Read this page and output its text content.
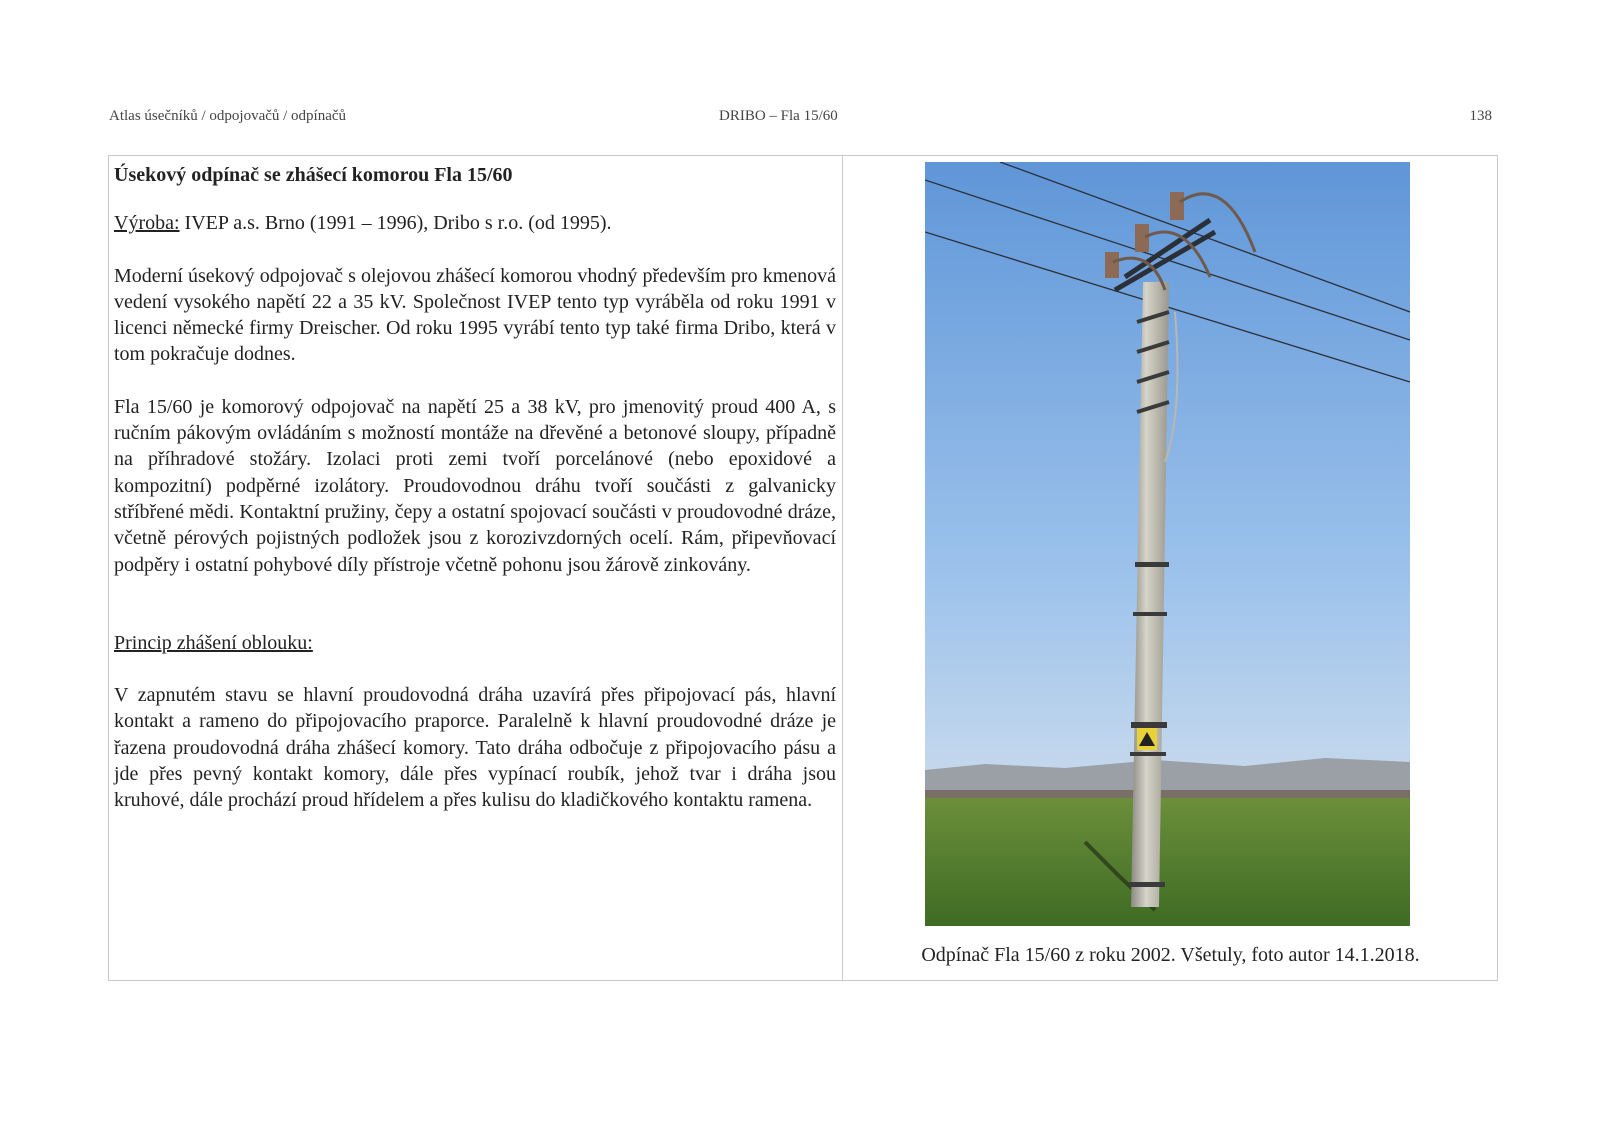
Atlas úsečníků / odpojovačů / odpínačů	DRIBO – Fla 15/60	138

Úsekový odpínač se zhášecí komorou Fla 15/60

Výroba: IVEP a.s. Brno (1991 – 1996), Dribo s r.o. (od 1995).

Moderní úsekový odpojovač s olejovou zhášecí komorou vhodný především pro kmenová vedení vysokého napětí 22 a 35 kV. Společnost IVEP tento typ vyráběla od roku 1991 v licenci německé firmy Dreischer. Od roku 1995 vyrábí tento typ také firma Dribo, která v tom pokračuje dodnes.

Fla 15/60 je komorový odpojovač na napětí 25 a 38 kV, pro jmenovitý proud 400 A, s ručním pákovým ovládáním s možností montáže na dřevěné a betonové sloupy, případně na příhradové stožáry. Izolaci proti zemi tvoří porcelánové (nebo epoxidové a kompozitní) podpěrné izolátory. Proudovodnou dráhu tvoří součásti z galvanicky stříbřené mědi. Kontaktní pružiny, čepy a ostatní spojovací součásti v proudovodné dráze, včetně pérových pojistných podložek jsou z korozivzdorných ocelí. Rám, připevňovací podpěry i ostatní pohybové díly přístroje včetně pohonu jsou žárově zinkovány.

Princip zhášení oblouku:

V zapnutém stavu se hlavní proudovodná dráha uzavírá přes připojovací pás, hlavní kontakt a rameno do připojovacího praporce. Paralelně k hlavní proudovodné dráze je řazena proudovodná dráha zhášecí komory. Tato dráha odbočuje z připojovacího pásu a jde přes pevný kontakt komory, dále přes vypínací roubík, jehož tvar i dráha jsou kruhové, dále prochází proud hřídelem a přes kulisu do kladičkového kontaktu ramena.

Odpínač Fla 15/60 z roku 2002. Všetuly, foto autor 14.1.2018.
